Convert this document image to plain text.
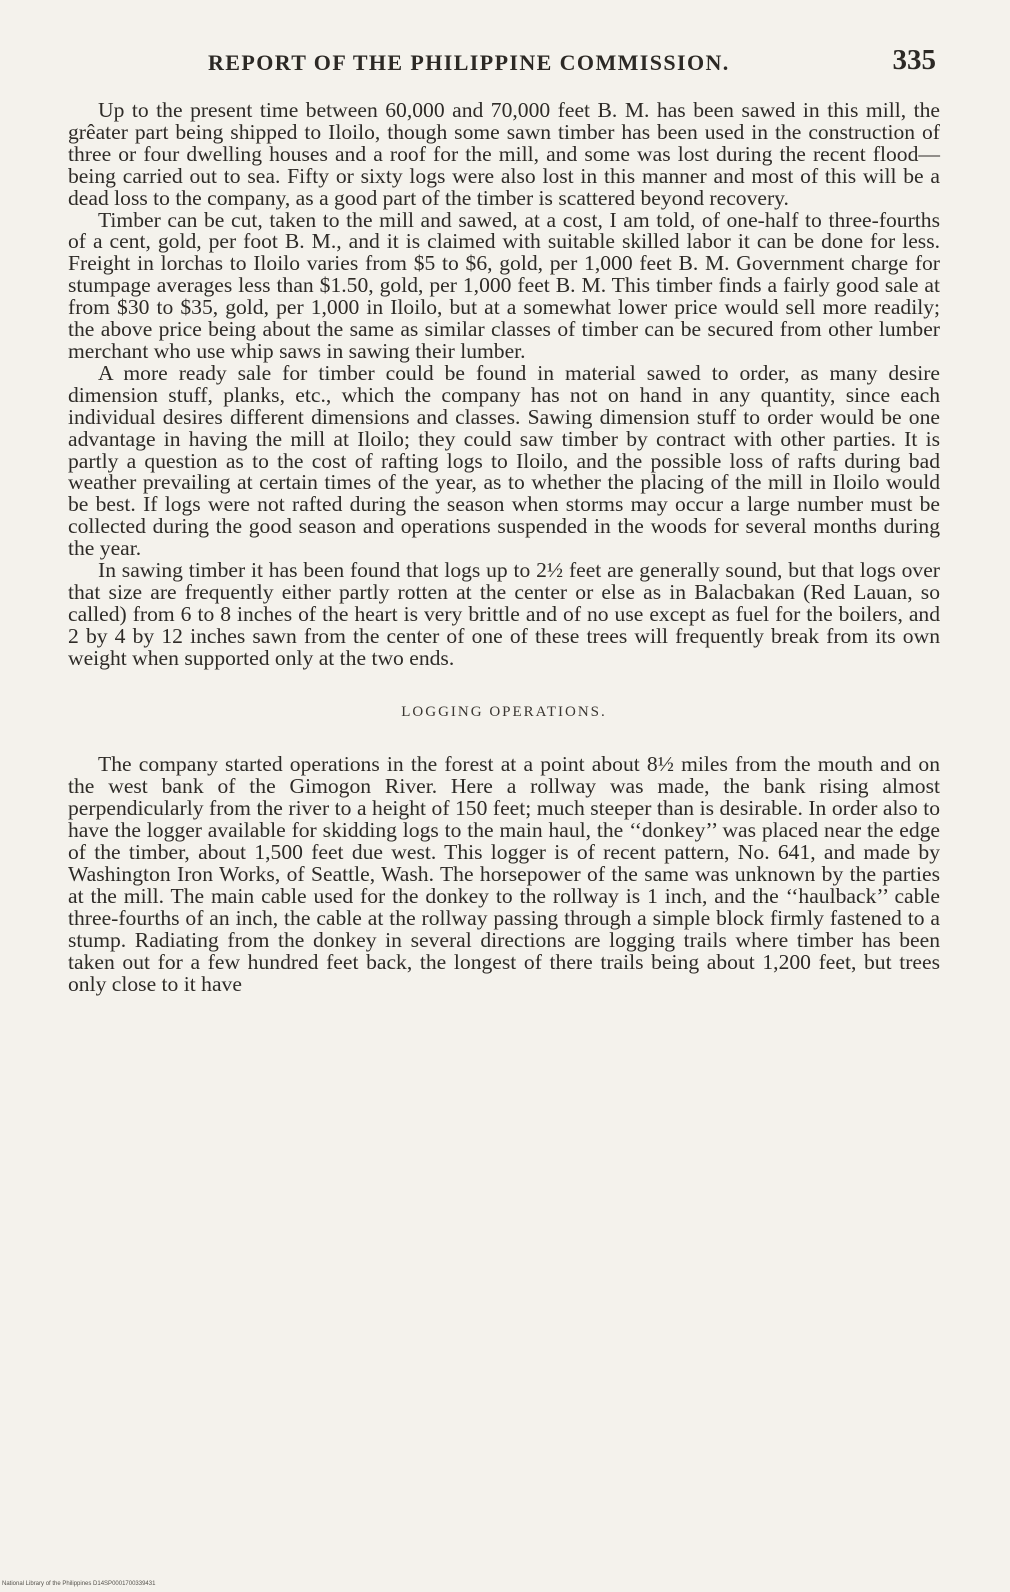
REPORT OF THE PHILIPPINE COMMISSION.	335

Up to the present time between 60,000 and 70,000 feet B. M. has been sawed in this mill, the grêater part being shipped to Iloilo, though some sawn timber has been used in the construction of three or four dwelling houses and a roof for the mill, and some was lost during the recent flood—being carried out to sea. Fifty or sixty logs were also lost in this manner and most of this will be a dead loss to the company, as a good part of the timber is scattered beyond recovery.

Timber can be cut, taken to the mill and sawed, at a cost, I am told, of one-half to three-fourths of a cent, gold, per foot B. M., and it is claimed with suitable skilled labor it can be done for less. Freight in lorchas to Iloilo varies from $5 to $6, gold, per 1,000 feet B. M. Government charge for stumpage averages less than $1.50, gold, per 1,000 feet B. M. This timber finds a fairly good sale at from $30 to $35, gold, per 1,000 in Iloilo, but at a somewhat lower price would sell more readily; the above price being about the same as similar classes of timber can be secured from other lumber merchant who use whip saws in sawing their lumber.

A more ready sale for timber could be found in material sawed to order, as many desire dimension stuff, planks, etc., which the company has not on hand in any quantity, since each individual desires different dimensions and classes. Sawing dimension stuff to order would be one advantage in having the mill at Iloilo; they could saw timber by contract with other parties. It is partly a question as to the cost of rafting logs to Iloilo, and the possible loss of rafts during bad weather prevailing at certain times of the year, as to whether the placing of the mill in Iloilo would be best. If logs were not rafted during the season when storms may occur a large number must be collected during the good season and operations suspended in the woods for several months during the year.

In sawing timber it has been found that logs up to 2½ feet are generally sound, but that logs over that size are frequently either partly rotten at the center or else as in Balacbakan (Red Lauan, so called) from 6 to 8 inches of the heart is very brittle and of no use except as fuel for the boilers, and 2 by 4 by 12 inches sawn from the center of one of these trees will frequently break from its own weight when supported only at the two ends.

LOGGING OPERATIONS.

The company started operations in the forest at a point about 8½ miles from the mouth and on the west bank of the Gimogon River. Here a rollway was made, the bank rising almost perpendicularly from the river to a height of 150 feet; much steeper than is desirable. In order also to have the logger available for skidding logs to the main haul, the ‘‘donkey’’ was placed near the edge of the timber, about 1,500 feet due west. This logger is of recent pattern, No. 641, and made by Washington Iron Works, of Seattle, Wash. The horsepower of the same was unknown by the parties at the mill. The main cable used for the donkey to the rollway is 1 inch, and the ‘‘haulback’’ cable three-fourths of an inch, the cable at the rollway passing through a simple block firmly fastened to a stump. Radiating from the donkey in several directions are logging trails where timber has been taken out for a few hundred feet back, the longest of there trails being about 1,200 feet, but trees only close to it have

National Library of the Philippines D14SP0001700339431
